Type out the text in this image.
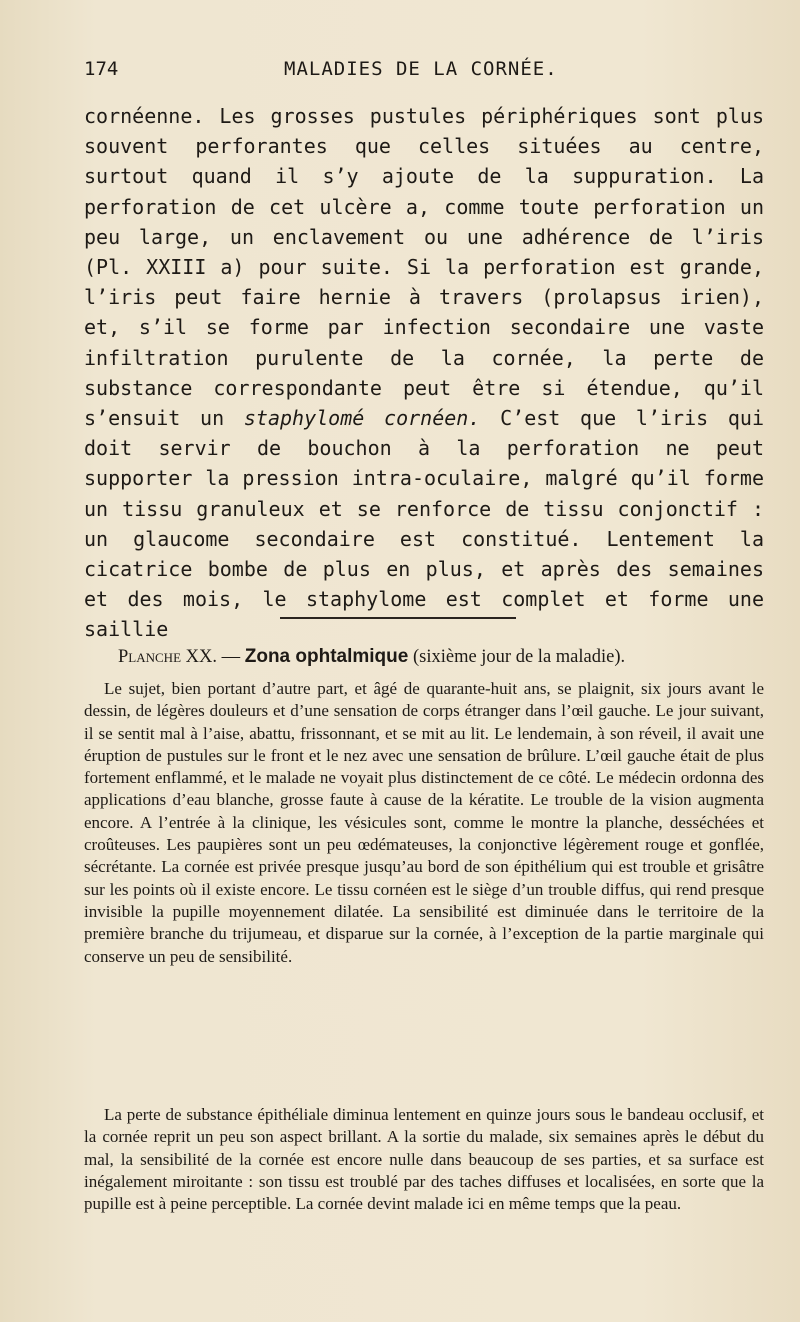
174	MALADIES DE LA CORNÉE.

cornéenne. Les grosses pustules périphériques sont plus souvent perforantes que celles situées au centre, surtout quand il s’y ajoute de la suppuration. La perforation de cet ulcère a, comme toute perforation un peu large, un enclavement ou une adhérence de l’iris (Pl. XXIII a) pour suite. Si la perforation est grande, l’iris peut faire hernie à travers (prolapsus irien), et, s’il se forme par infection secondaire une vaste infiltration purulente de la cornée, la perte de substance correspondante peut être si étendue, qu’il s’ensuit un staphylomé cornéen. C’est que l’iris qui doit servir de bouchon à la perforation ne peut supporter la pression intra-oculaire, malgré qu’il forme un tissu granuleux et se renforce de tissu conjonctif : un glaucome secondaire est constitué. Lentement la cicatrice bombe de plus en plus, et après des semaines et des mois, le staphylome est complet et forme une saillie

Planche XX. — Zona ophtalmique (sixième jour de la maladie).

Le sujet, bien portant d’autre part, et âgé de quarante-huit ans, se plaignit, six jours avant le dessin, de légères douleurs et d’une sensation de corps étranger dans l’œil gauche. Le jour suivant, il se sentit mal à l’aise, abattu, frissonnant, et se mit au lit. Le lendemain, à son réveil, il avait une éruption de pustules sur le front et le nez avec une sensation de brûlure. L’œil gauche était de plus fortement enflammé, et le malade ne voyait plus distinctement de ce côté. Le médecin ordonna des applications d’eau blanche, grosse faute à cause de la kératite. Le trouble de la vision augmenta encore. A l’entrée à la clinique, les vésicules sont, comme le montre la planche, desséchées et croûteuses. Les paupières sont un peu œdémateuses, la conjonctive légèrement rouge et gonflée, sécrétante. La cornée est privée presque jusqu’au bord de son épithélium qui est trouble et grisâtre sur les points où il existe encore. Le tissu cornéen est le siège d’un trouble diffus, qui rend presque invisible la pupille moyennement dilatée. La sensibilité est diminuée dans le territoire de la première branche du trijumeau, et disparue sur la cornée, à l’exception de la partie marginale qui conserve un peu de sensibilité.

La perte de substance épithéliale diminua lentement en quinze jours sous le bandeau occlusif, et la cornée reprit un peu son aspect brillant. A la sortie du malade, six semaines après le début du mal, la sensibilité de la cornée est encore nulle dans beaucoup de ses parties, et sa surface est inégalement miroitante : son tissu est troublé par des taches diffuses et localisées, en sorte que la pupille est à peine perceptible. La cornée devint malade ici en même temps que la peau.
